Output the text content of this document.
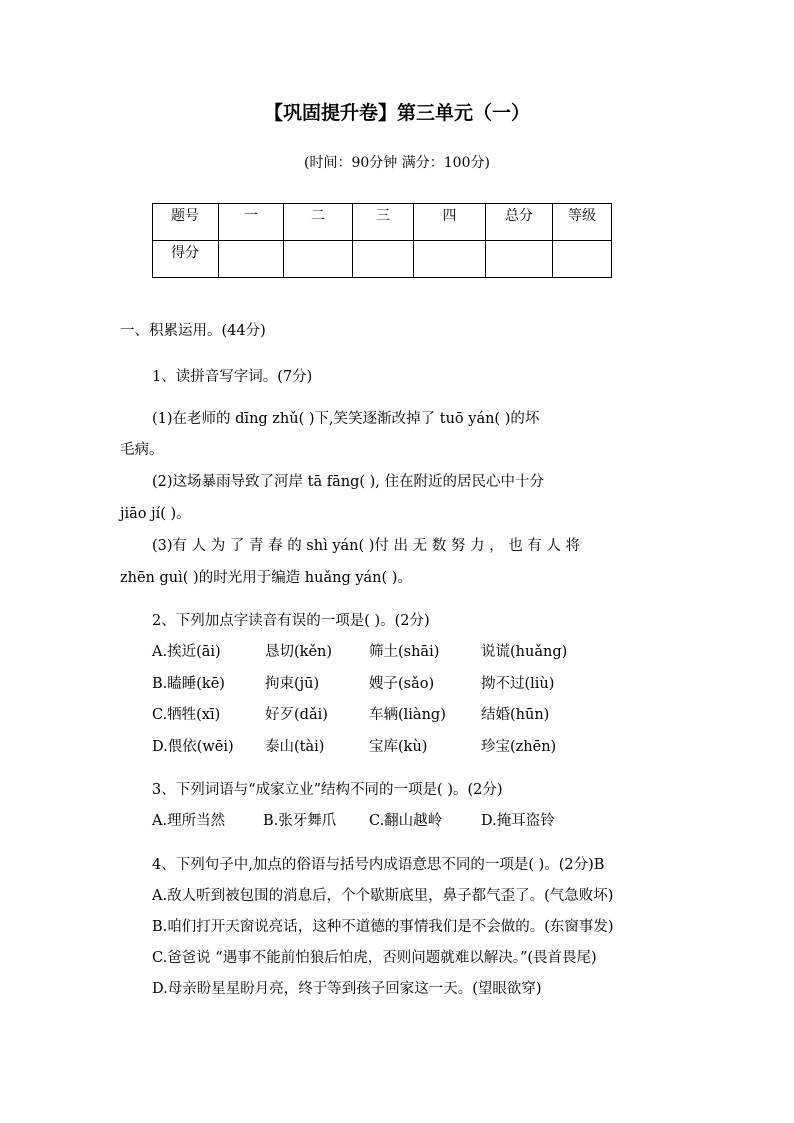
【巩固提升卷】第三单元（一）
(时间：90分钟 满分：100分)
题号	一	二	三	四	总分	等级
得分						
一、积累运用。(44分)
1、读拼音写字词。(7分)
(1)在老师的 dīng zhǔ( )下,笑笑逐渐改掉了 tuō yán( )的坏
毛病。
(2)这场暴雨导致了河岸 tā fāng( ), 住在附近的居民心中十分
jiāo jí( )。
(3)有 人 为 了 青 春 的 shì yán( )付 出 无 数 努 力 ， 也 有 人 将
zhēn guì( )的时光用于编造 huǎng yán( )。
2、下列加点字读音有误的一项是( )。(2分)
A.挨近(āi)	恳切(kěn)	筛土(shāi)	说谎(huǎng)
B.瞌睡(kē)	拘束(jū)	嫂子(sǎo)	拗不过(liù)
C.牺牲(xī)	好歹(dǎi)	车辆(liàng) 结婚(hūn)
D.偎依(wēi) 泰山(tài)	宝库(kù)	珍宝(zhēn)
3、下列词语与“成家立业”结构不同的一项是( )。(2分)
A.理所当然	B.张牙舞爪 C.翻山越岭	D.掩耳盗铃
4、下列句子中,加点的俗语与括号内成语意思不同的一项是( )。(2分)B
A.敌人听到被包围的消息后，个个歇斯底里，鼻子都气歪了。(气急败坏)
B.咱们打开天窗说亮话，这种不道德的事情我们是不会做的。(东窗事发)
C.爸爸说 “遇事不能前怕狼后怕虎，否则问题就难以解决。”(畏首畏尾)
D.母亲盼星星盼月亮，终于等到孩子回家这一天。(望眼欲穿)
